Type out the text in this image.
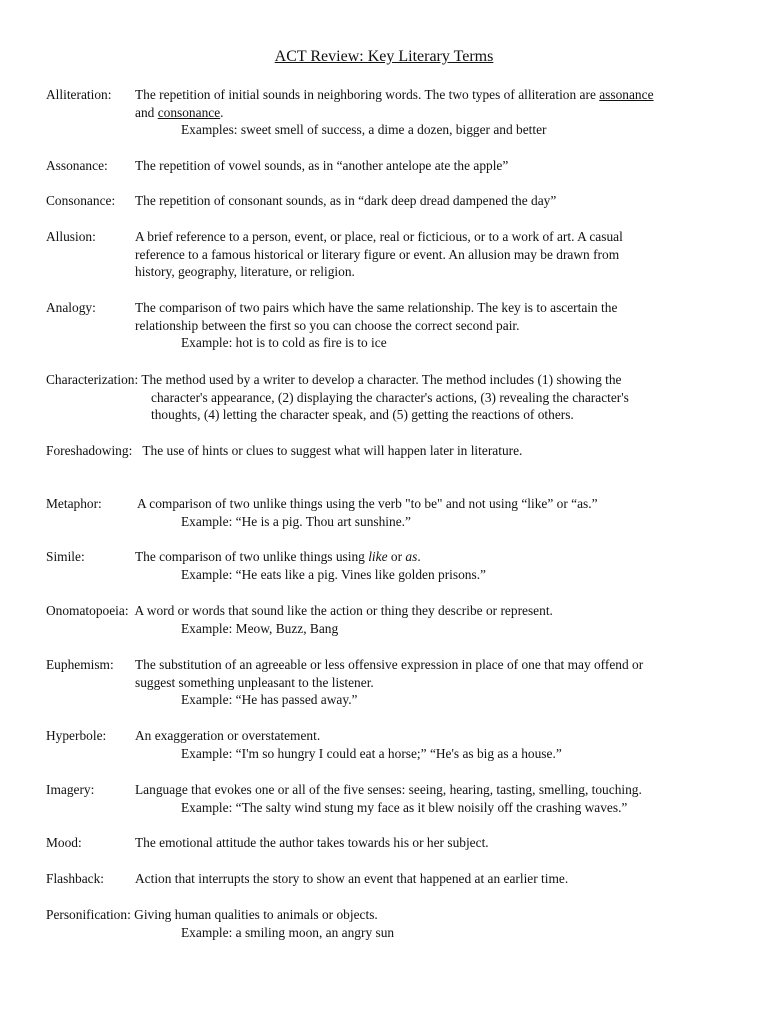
ACT Review: Key Literary Terms
Alliteration: The repetition of initial sounds in neighboring words. The two types of alliteration are assonance
and consonance.
Examples: sweet smell of success, a dime a dozen, bigger and better
Assonance: The repetition of vowel sounds, as in “another antelope ate the apple”
Consonance: The repetition of consonant sounds, as in “dark deep dread dampened the day”
Allusion:	A brief reference to a person, event, or place, real or ficticious, or to a work of art. A casual
reference to a famous historical or literary figure or event. An allusion may be drawn from
history, geography, literature, or religion.
Analogy:	The comparison of two pairs which have the same relationship. The key is to ascertain the
relationship between the first so you can choose the correct second pair.
Example: hot is to cold as fire is to ice
Characterization: The method used by a writer to develop a character. The method includes (1) showing the
character's appearance, (2) displaying the character's actions, (3) revealing the character's
thoughts, (4) letting the character speak, and (5) getting the reactions of others.
Foreshadowing: The use of hints or clues to suggest what will happen later in literature.
Metaphor:	A comparison of two unlike things using the verb "to be" and not using “like” or “as.”
Example: “He is a pig. Thou art sunshine.”
Simile:	The comparison of two unlike things using like or as.
Example: “He eats like a pig. Vines like golden prisons.”
Onomatopoeia: A word or words that sound like the action or thing they describe or represent.
Example: Meow, Buzz, Bang
Euphemism: The substitution of an agreeable or less offensive expression in place of one that may offend or
suggest something unpleasant to the listener.
Example: “He has passed away.”
Hyperbole: An exaggeration or overstatement.
Example: “I'm so hungry I could eat a horse;” “He's as big as a house.”
Imagery:	Language that evokes one or all of the five senses: seeing, hearing, tasting, smelling, touching.
Example: “The salty wind stung my face as it blew noisily off the crashing waves.”
Mood:	The emotional attitude the author takes towards his or her subject.
Flashback: Action that interrupts the story to show an event that happened at an earlier time.
Personification: Giving human qualities to animals or objects.
Example: a smiling moon, an angry sun
